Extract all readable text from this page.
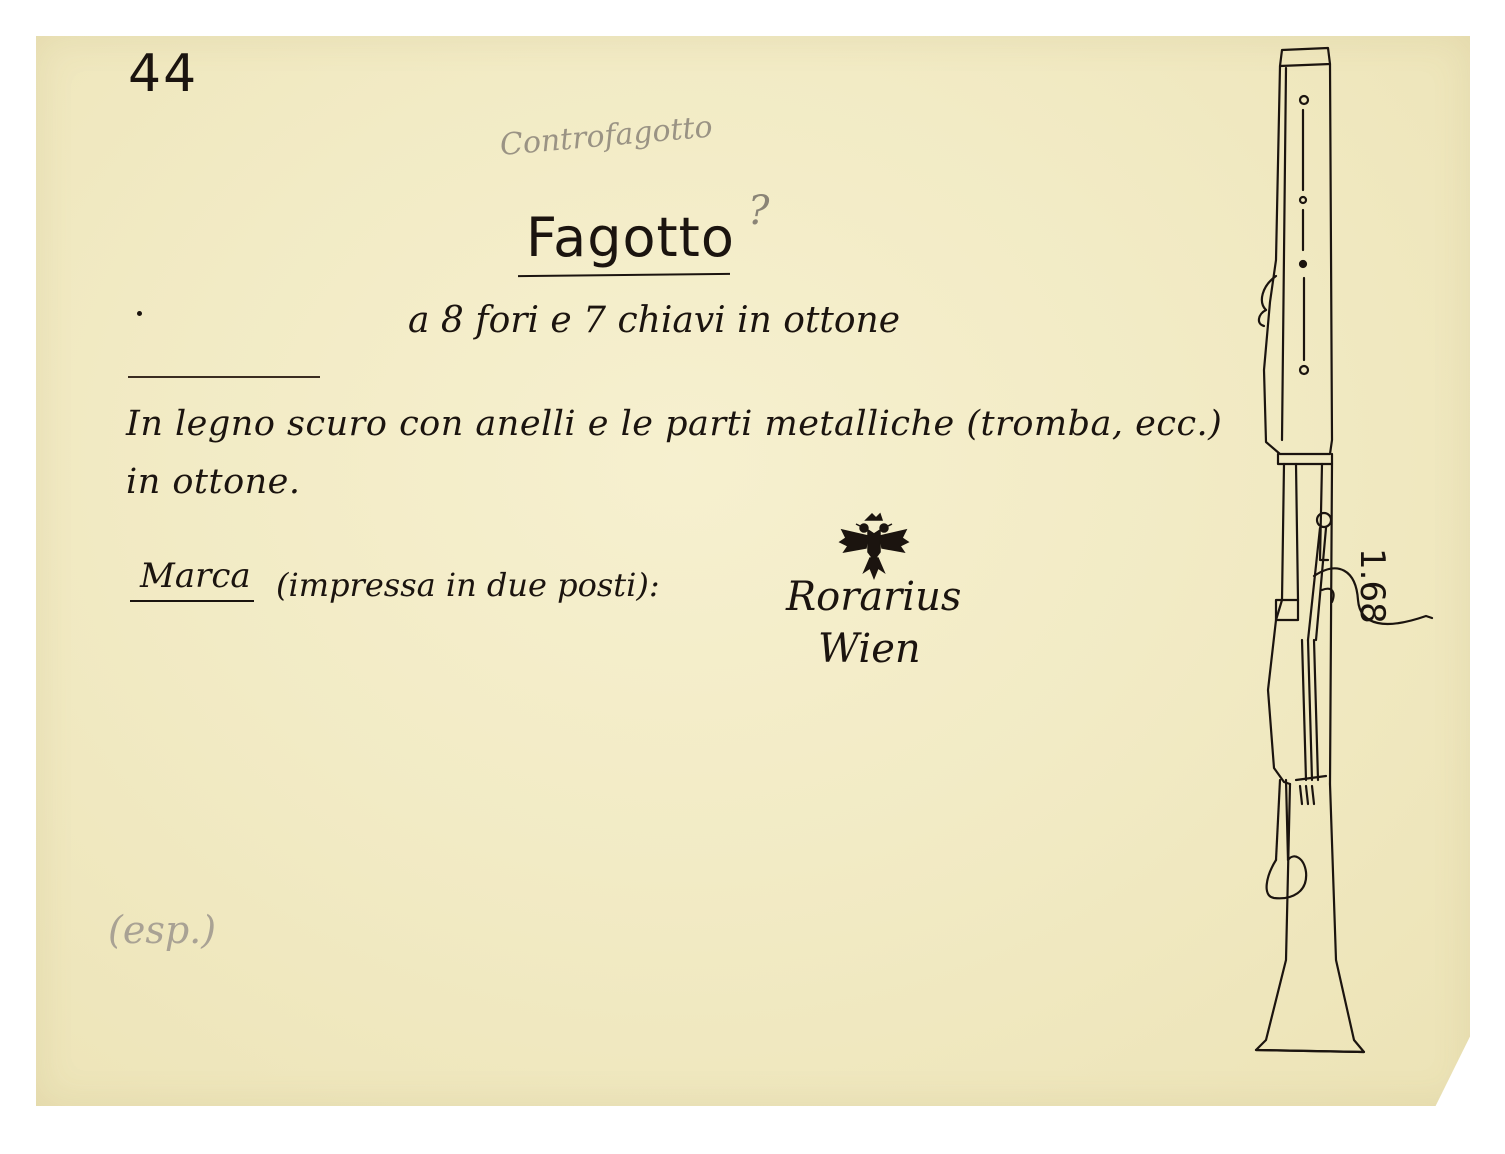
44
Controfagotto
?
Fagotto
a 8 fori e 7 chiavi in ottone
In legno scuro con anelli e le parti metalliche (tromba, ecc.)
in ottone.
Marca (impressa in due posti):	Rorarius
Wien
1.68
(esp.)
